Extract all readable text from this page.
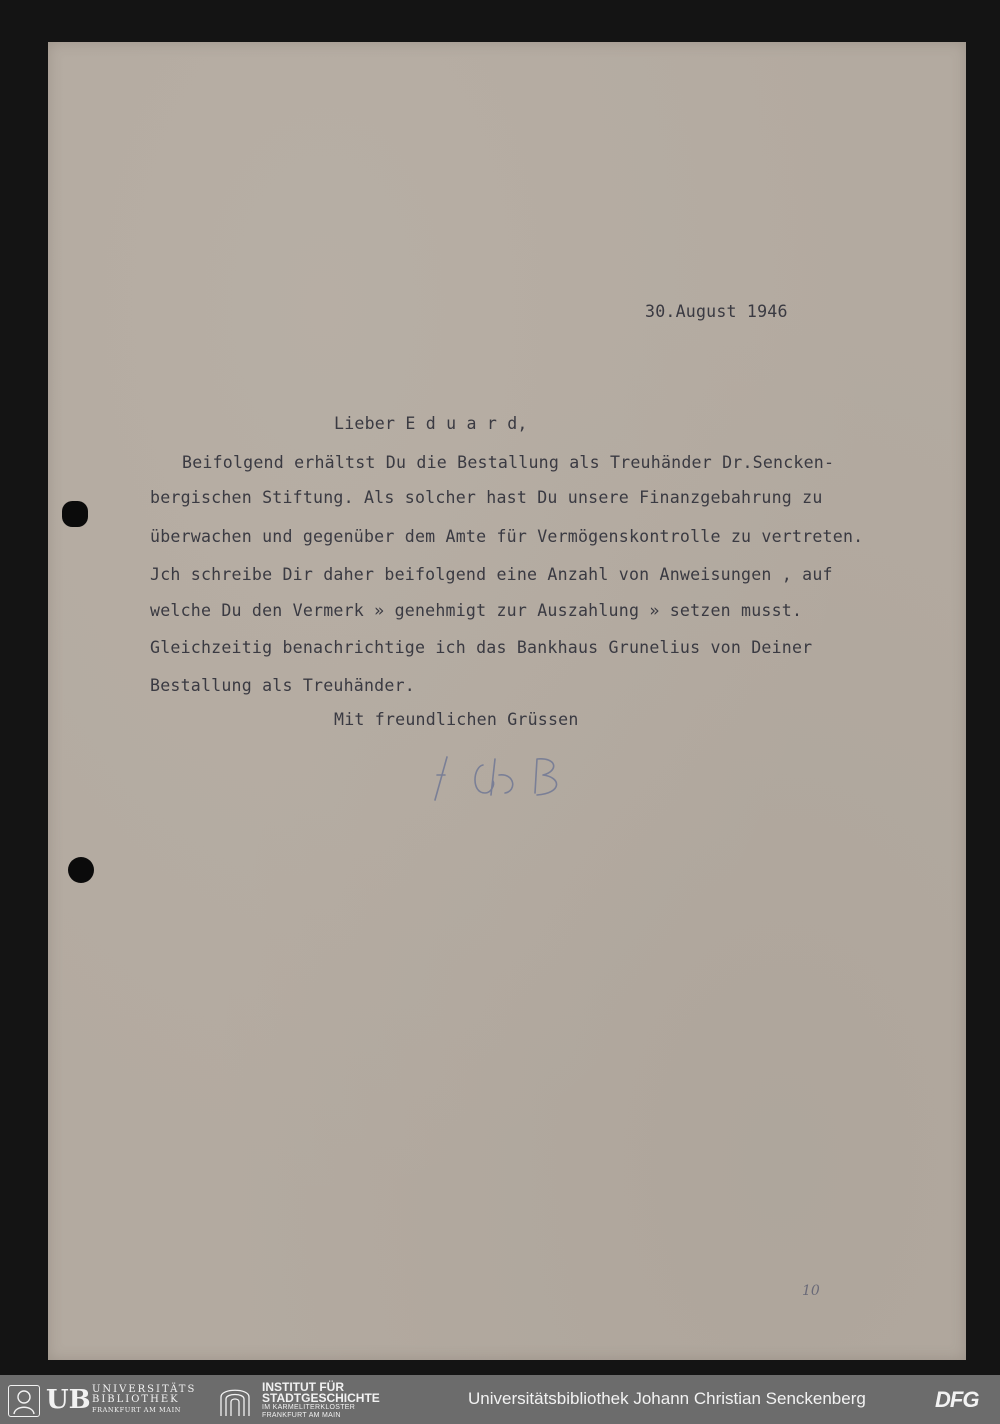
30.August 1946
Lieber E d u a r d,
Beifolgend erhältst Du die Bestallung als Treuhänder Dr.Sencken-
bergischen Stiftung. Als solcher hast Du unsere Finanzgebahrung zu
überwachen und gegenüber dem Amte für Vermögenskontrolle zu vertreten.
Jch schreibe Dir daher beifolgend eine Anzahl von Anweisungen , auf
welche Du den Vermerk » genehmigt zur Auszahlung » setzen musst.
Gleichzeitig benachrichtige ich das Bankhaus Grunelius von Deiner
Bestallung als Treuhänder.
Mit freundlichen Grüssen
10
UB UNIVERSITÄTS
BIBLIOTHEK
FRANKFURT AM MAIN
INSTITUT FÜR
STADTGESCHICHTE
IM KARMELITERKLOSTER
FRANKFURT AM MAIN
Universitätsbibliothek Johann Christian Senckenberg	DFG
